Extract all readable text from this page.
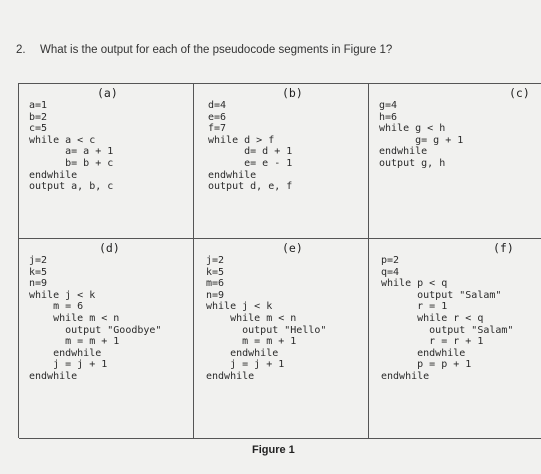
2. What is the output for each of the pseudocode segments in Figure 1?
(a)
a=1
b=2
c=5
while a < c
a= a + 1
b= b + c
endwhile
output a, b, c
(b)
d=4
e=6
f=7
while d > f
d= d + 1
e= e - 1
endwhile
output d, e, f
(c)
g=4
h=6
while g < h
g= g + 1
endwhile
output g, h
(d)
j=2
k=5
n=9
while j < k
m = 6
while m < n
output "Goodbye"
m = m + 1
endwhile
j = j + 1
endwhile
(e)
j=2
k=5
m=6
n=9
while j < k
while m < n
output "Hello"
m = m + 1
endwhile
j = j + 1
endwhile
(f)
p=2
q=4
while p < q
output "Salam"
r = 1
while r < q
output "Salam"
r = r + 1
endwhile
p = p + 1
endwhile
Figure 1
